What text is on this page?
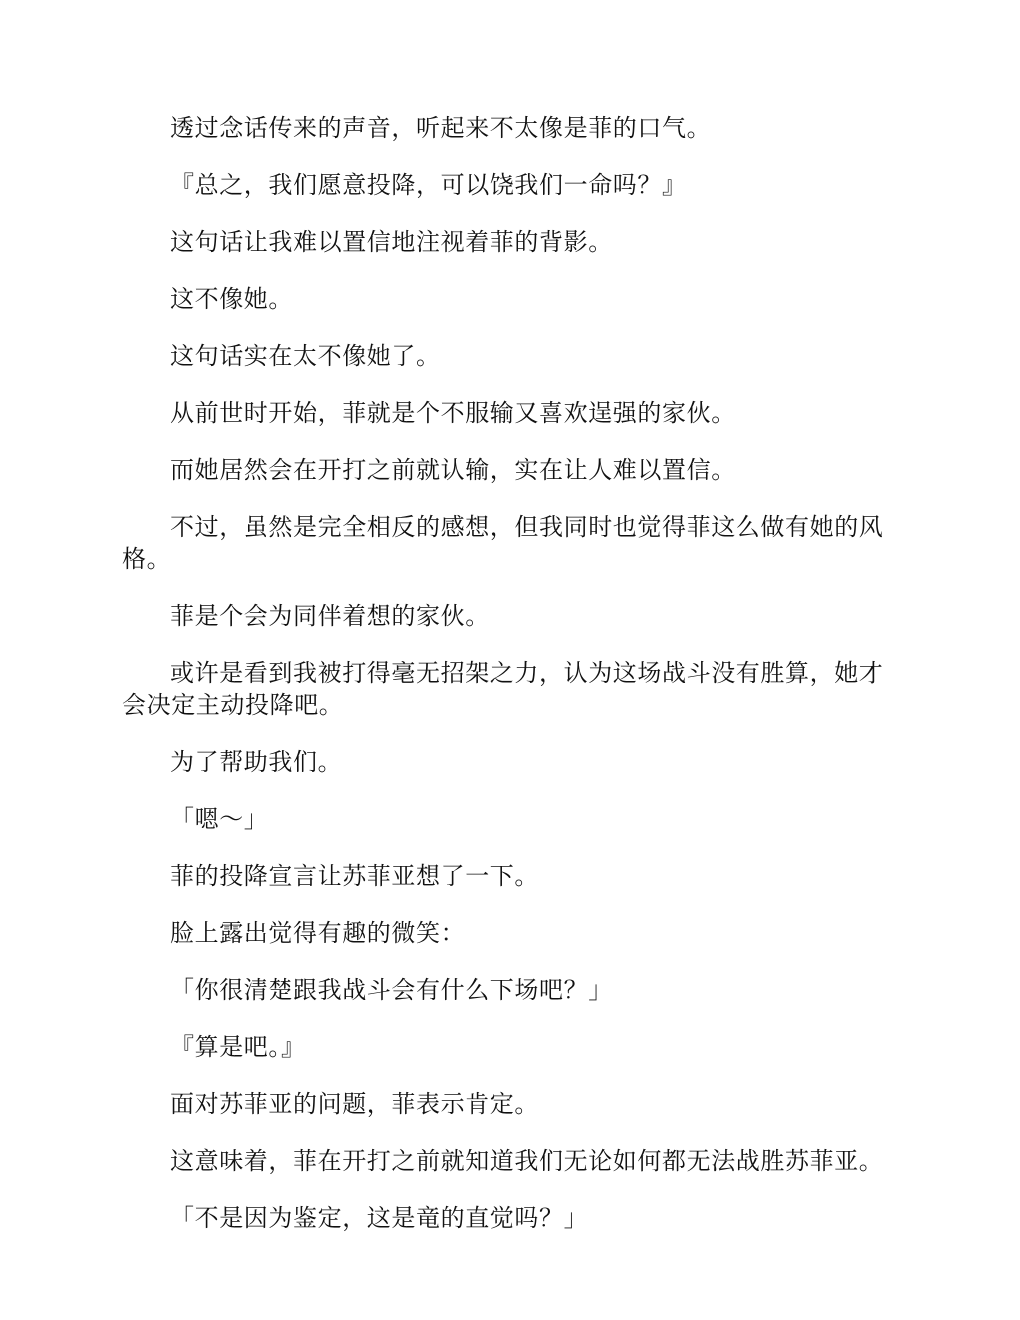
透过念话传来的声音，听起来不太像是菲的口气。

『总之，我们愿意投降，可以饶我们一命吗？』

这句话让我难以置信地注视着菲的背影。

这不像她。

这句话实在太不像她了。

从前世时开始，菲就是个不服输又喜欢逞强的家伙。

而她居然会在开打之前就认输，实在让人难以置信。

不过，虽然是完全相反的感想，但我同时也觉得菲这么做有她的风格。

菲是个会为同伴着想的家伙。

或许是看到我被打得毫无招架之力，认为这场战斗没有胜算，她才会决定主动投降吧。

为了帮助我们。

「嗯～」

菲的投降宣言让苏菲亚想了一下。

脸上露出觉得有趣的微笑：

「你很清楚跟我战斗会有什么下场吧？」

『算是吧。』

面对苏菲亚的问题，菲表示肯定。

这意味着，菲在开打之前就知道我们无论如何都无法战胜苏菲亚。

「不是因为鉴定，这是竜的直觉吗？」
